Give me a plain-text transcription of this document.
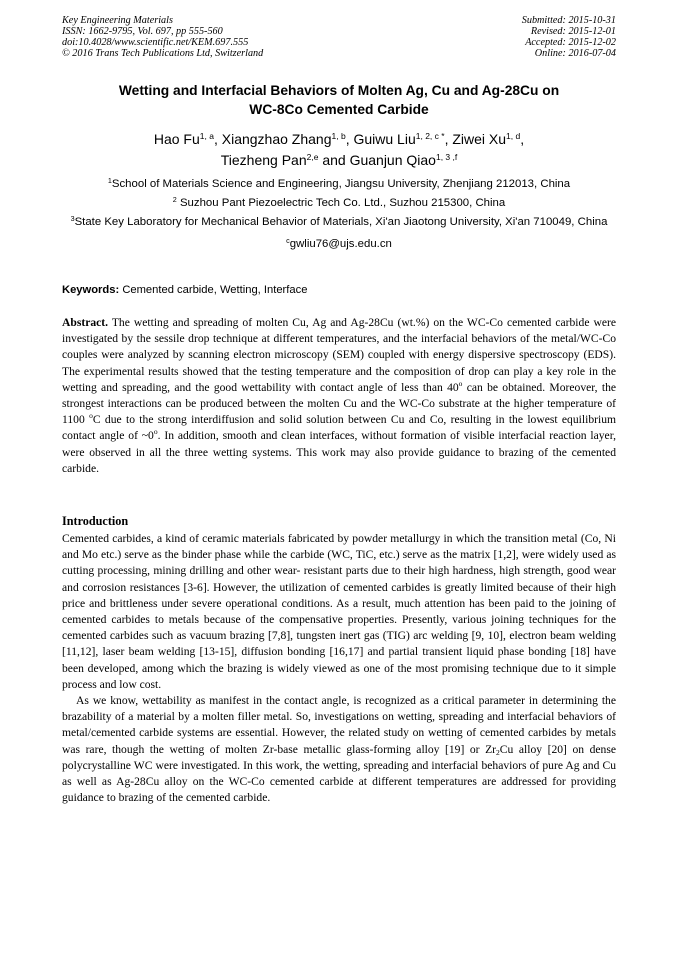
Key Engineering Materials
ISSN: 1662-9795, Vol. 697, pp 555-560
doi:10.4028/www.scientific.net/KEM.697.555
© 2016 Trans Tech Publications Ltd, Switzerland
Submitted: 2015-10-31
Revised: 2015-12-01
Accepted: 2015-12-02
Online: 2016-07-04
Wetting and Interfacial Behaviors of Molten Ag, Cu and Ag-28Cu on
WC-8Co Cemented Carbide
Hao Fu$^{1, a}$, Xiangzhao Zhang$^{1, b}$, Guiwu Liu$^{1, 2, c *}$, Ziwei Xu$^{1, d}$,
Tiezheng Pan$^{2,e}$ and Guanjun Qiao$^{1, 3 ,f}$
$^1$School of Materials Science and Engineering, Jiangsu University, Zhenjiang 212013, China
$^2$ Suzhou Pant Piezoelectric Tech Co. Ltd., Suzhou 215300, China
$^3$State Key Laboratory for Mechanical Behavior of Materials, Xi'an Jiaotong University, Xi'an 710049, China
$^c$gwliu76@ujs.edu.cn
Keywords: Cemented carbide, Wetting, Interface
Abstract. The wetting and spreading of molten Cu, Ag and Ag-28Cu (wt.%) on the WC-Co cemented carbide were investigated by the sessile drop technique at different temperatures, and the interfacial behaviors of the metal/WC-Co couples were analyzed by scanning electron microscopy (SEM) coupled with energy dispersive spectroscopy (EDS). The experimental results showed that the testing temperature and the composition of drop can play a key role in the wetting and spreading, and the good wettability with contact angle of less than 40$^o$ can be obtained. Moreover, the strongest interactions can be produced between the molten Cu and the WC-Co substrate at the higher temperature of 1100 $^o$C due to the strong interdiffusion and solid solution between Cu and Co, resulting in the lowest equilibrium contact angle of ~0$^o$. In addition, smooth and clean interfaces, without formation of visible interfacial reaction layer, were observed in all the three wetting systems. This work may also provide guidance to brazing of the cemented carbide.
Introduction

Cemented carbides, a kind of ceramic materials fabricated by powder metallurgy in which the transition metal (Co, Ni and Mo etc.) serve as the binder phase while the carbide (WC, TiC, etc.) serve as the matrix [1,2], were widely used as cutting processing, mining drilling and other wear- resistant parts due to their high hardness, high strength, good wear and corrosion resistances [3-6]. However, the utilization of cemented carbides is greatly limited because of their high price and brittleness under severe operational conditions. As a result, much attention has been paid to the joining of cemented carbides to metals because of the compensative properties. Presently, various joining techniques for the cemented carbides such as vacuum brazing [7,8], tungsten inert gas (TIG) arc welding [9, 10], electron beam welding [11,12], laser beam welding [13-15], diffusion bonding [16,17] and partial transient liquid phase bonding [18] have been developed, among which the brazing is widely viewed as one of the most promising technique due to it simple process and low cost.

As we know, wettability as manifest in the contact angle, is recognized as a critical parameter in determining the brazability of a material by a molten filler metal. So, investigations on wetting, spreading and interfacial behaviors of metal/cemented carbide systems are essential. However, the related study on wetting of cemented carbides by metals was rare, though the wetting of molten Zr-base metallic glass-forming alloy [19] or $Zr_2Cu$ alloy [20] on dense polycrystalline WC were investigated. In this work, the wetting, spreading and interfacial behaviors of pure Ag and Cu as well as Ag-28Cu alloy on the WC-Co cemented carbide at different temperatures are addressed for providing guidance to brazing of the cemented carbide.
